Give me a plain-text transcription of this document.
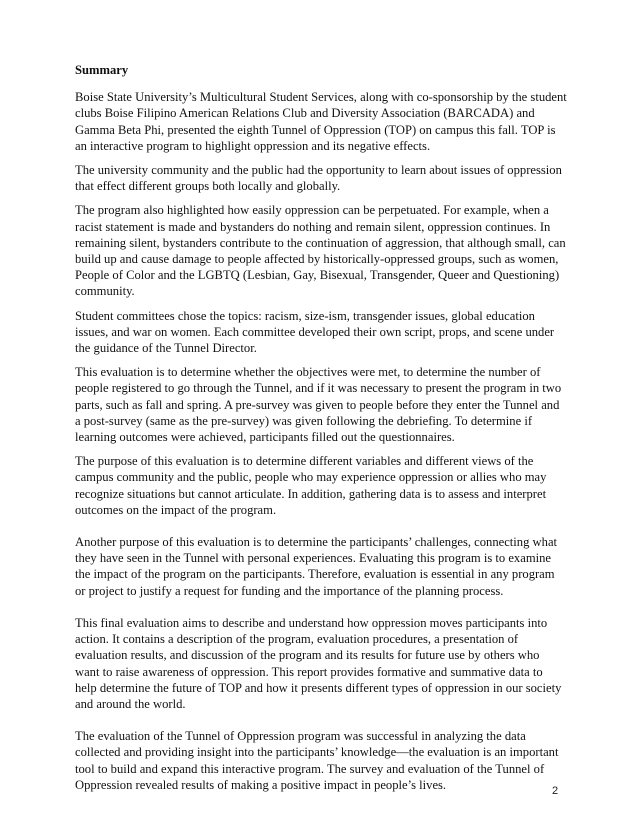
Summary

Boise State University’s Multicultural Student Services, along with co-sponsorship by the student clubs Boise Filipino American Relations Club and Diversity Association (BARCADA) and Gamma Beta Phi, presented the eighth Tunnel of Oppression (TOP) on campus this fall. TOP is an interactive program to highlight oppression and its negative effects.

The university community and the public had the opportunity to learn about issues of oppression that effect different groups both locally and globally.

The program also highlighted how easily oppression can be perpetuated. For example, when a racist statement is made and bystanders do nothing and remain silent, oppression continues. In remaining silent, bystanders contribute to the continuation of aggression, that although small, can build up and cause damage to people affected by historically-oppressed groups, such as women, People of Color and the LGBTQ (Lesbian, Gay, Bisexual, Transgender, Queer and Questioning) community.

Student committees chose the topics: racism, size-ism, transgender issues, global education issues, and war on women. Each committee developed their own script, props, and scene under the guidance of the Tunnel Director.

This evaluation is to determine whether the objectives were met, to determine the number of people registered to go through the Tunnel, and if it was necessary to present the program in two parts, such as fall and spring. A pre-survey was given to people before they enter the Tunnel and a post-survey (same as the pre-survey) was given following the debriefing. To determine if learning outcomes were achieved, participants filled out the questionnaires.

The purpose of this evaluation is to determine different variables and different views of the campus community and the public, people who may experience oppression or allies who may recognize situations but cannot articulate. In addition, gathering data is to assess and interpret outcomes on the impact of the program.

Another purpose of this evaluation is to determine the participants’ challenges, connecting what they have seen in the Tunnel with personal experiences. Evaluating this program is to examine the impact of the program on the participants. Therefore, evaluation is essential in any program or project to justify a request for funding and the importance of the planning process.

This final evaluation aims to describe and understand how oppression moves participants into action. It contains a description of the program, evaluation procedures, a presentation of evaluation results, and discussion of the program and its results for future use by others who want to raise awareness of oppression. This report provides formative and summative data to help determine the future of TOP and how it presents different types of oppression in our society and around the world.

The evaluation of the Tunnel of Oppression program was successful in analyzing the data collected and providing insight into the participants’ knowledge—the evaluation is an important tool to build and expand this interactive program. The survey and evaluation of the Tunnel of Oppression revealed results of making a positive impact in people’s lives.	2
